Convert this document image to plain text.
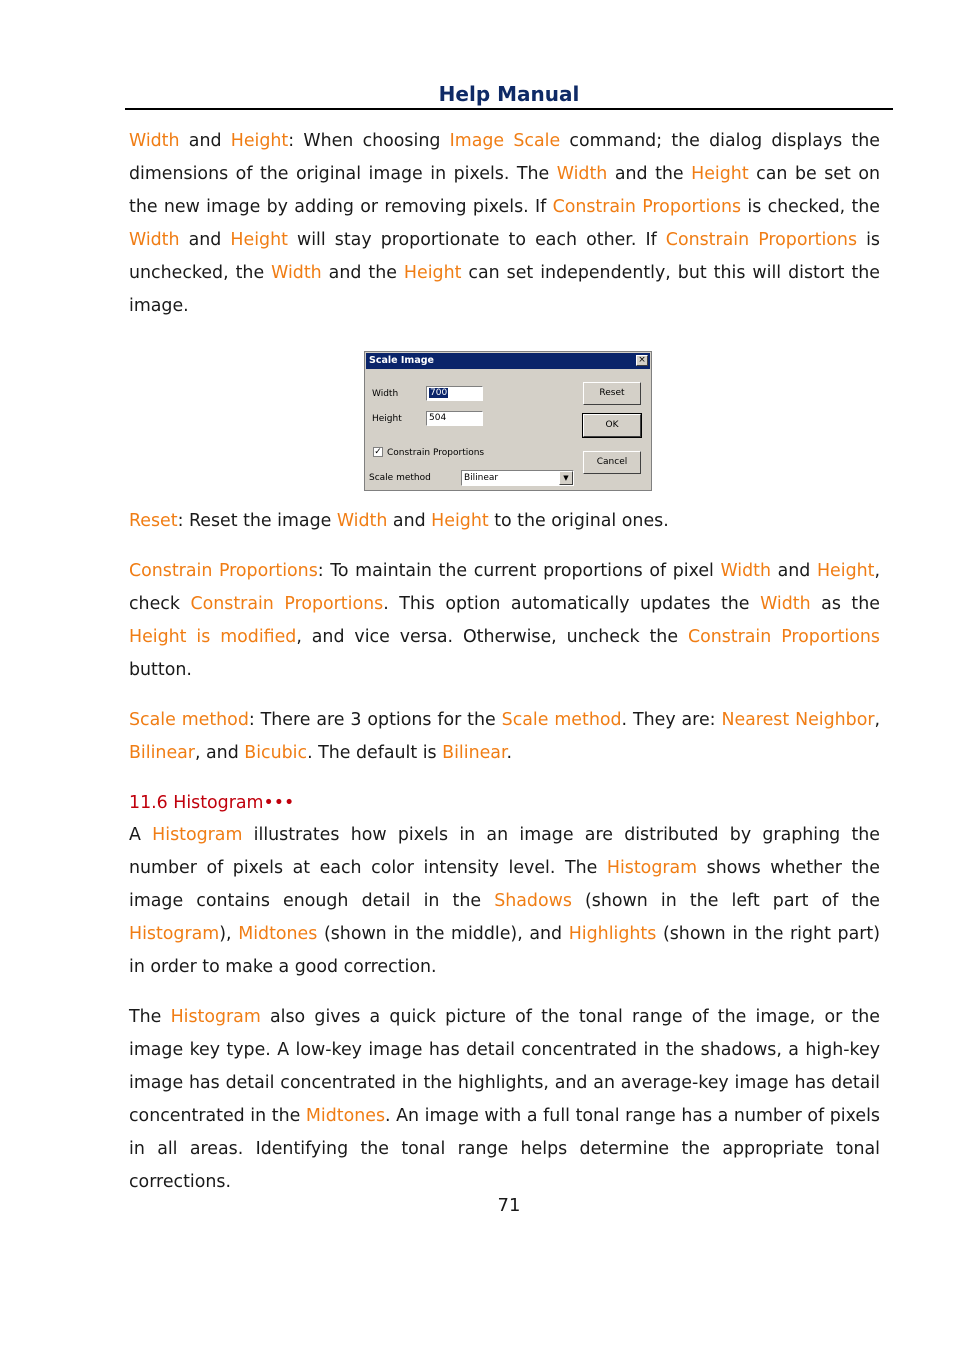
Help Manual

Width and Height: When choosing Image Scale command; the dialog displays the dimensions of the original image in pixels. The Width and the Height can be set on the new image by adding or removing pixels. If Constrain Proportions is checked, the Width and Height will stay proportionate to each other. If Constrain Proportions is unchecked, the Width and the Height can set independently, but this will distort the image.

Scale Image	×
Width	700
Height	504
✓ Constrain Proportions
Scale method	Bilinear	▼
Reset
OK
Cancel

Reset: Reset the image Width and Height to the original ones.

Constrain Proportions: To maintain the current proportions of pixel Width and Height, check Constrain Proportions. This option automatically updates the Width as the Height is modified, and vice versa. Otherwise, uncheck the Constrain Proportions button.

Scale method: There are 3 options for the Scale method. They are: Nearest Neighbor, Bilinear, and Bicubic. The default is Bilinear.

11.6 Histogram•••

A Histogram illustrates how pixels in an image are distributed by graphing the number of pixels at each color intensity level. The Histogram shows whether the image contains enough detail in the Shadows (shown in the left part of the Histogram), Midtones (shown in the middle), and Highlights (shown in the right part) in order to make a good correction.

The Histogram also gives a quick picture of the tonal range of the image, or the image key type. A low-key image has detail concentrated in the shadows, a high-key image has detail concentrated in the highlights, and an average-key image has detail concentrated in the Midtones. An image with a full tonal range has a number of pixels in all areas. Identifying the tonal range helps determine the appropriate tonal corrections.

71
